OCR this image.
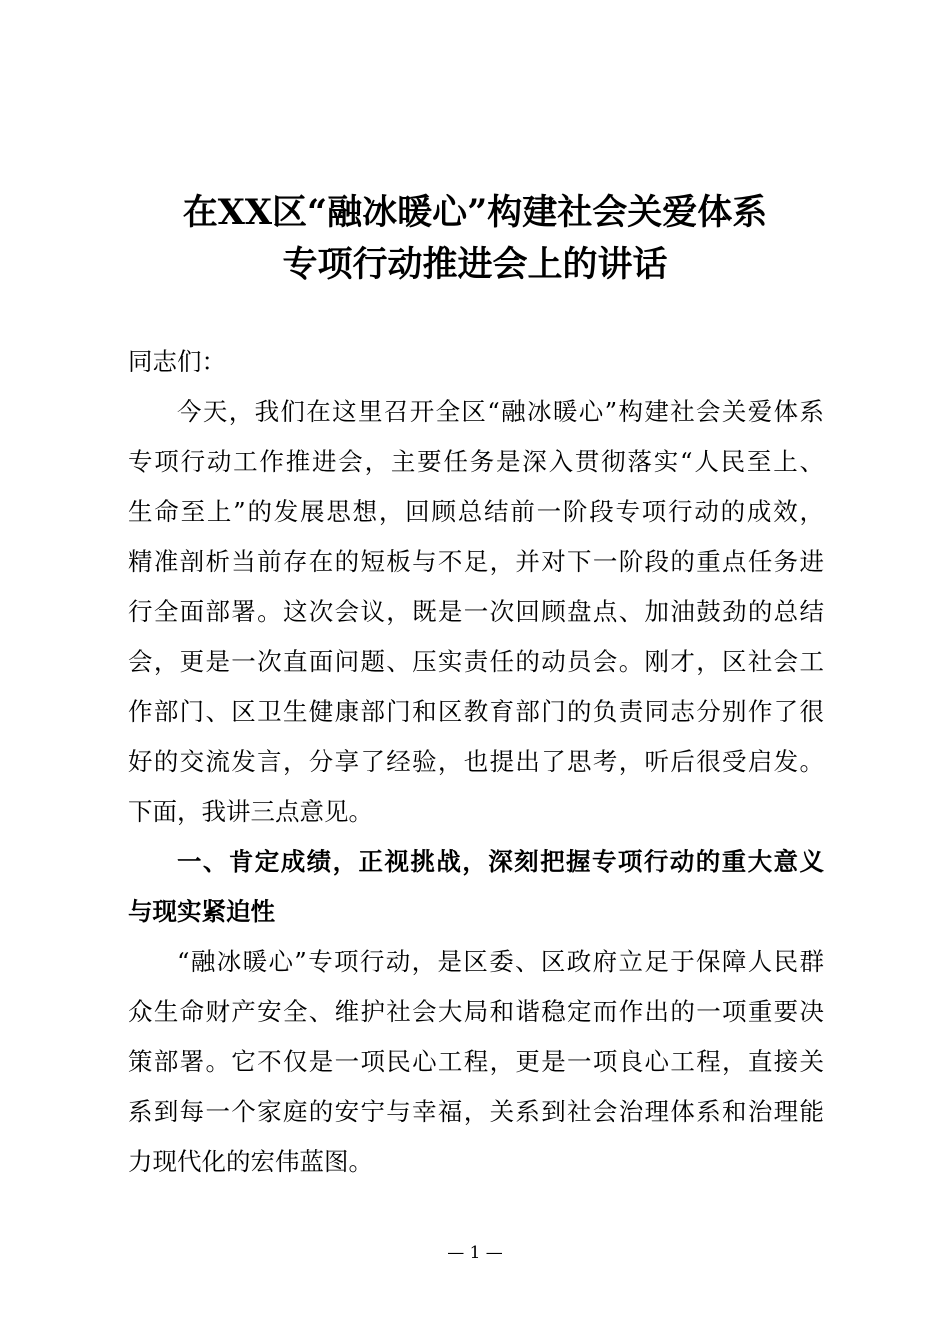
在XX区“融冰暖心”构建社会关爱体系
专项行动推进会上的讲话
同志们：
今天，我们在这里召开全区“融冰暖心”构建社会关爱体系
专项行动工作推进会，主要任务是深入贯彻落实“人民至上、
生命至上”的发展思想，回顾总结前一阶段专项行动的成效，
精准剖析当前存在的短板与不足，并对下一阶段的重点任务进
行全面部署。这次会议，既是一次回顾盘点、加油鼓劲的总结
会，更是一次直面问题、压实责任的动员会。刚才，区社会工
作部门、区卫生健康部门和区教育部门的负责同志分别作了很
好的交流发言，分享了经验，也提出了思考，听后很受启发。
下面，我讲三点意见。
一、肯定成绩，正视挑战，深刻把握专项行动的重大意义
与现实紧迫性
“融冰暖心”专项行动，是区委、区政府立足于保障人民群
众生命财产安全、维护社会大局和谐稳定而作出的一项重要决
策部署。它不仅是一项民心工程，更是一项良心工程，直接关
系到每一个家庭的安宁与幸福，关系到社会治理体系和治理能
力现代化的宏伟蓝图。
— 1 —
